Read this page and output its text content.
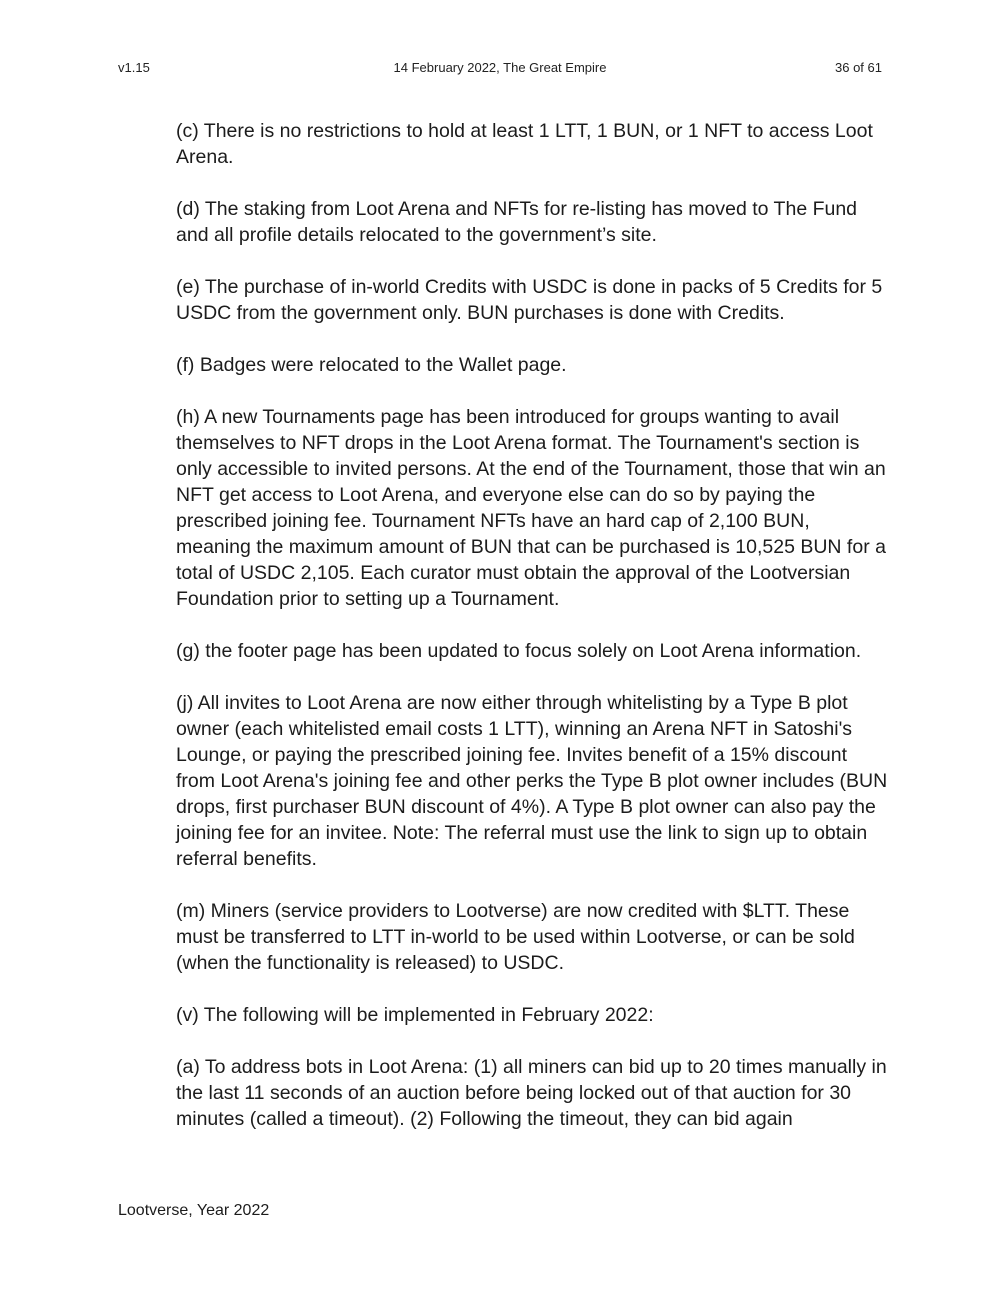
v1.15	14 February 2022, The Great Empire	36 of 61

(c) There is no restrictions to hold at least 1 LTT, 1 BUN, or 1 NFT to access Loot Arena.

(d) The staking from Loot Arena and NFTs for re-listing has moved to The Fund and all profile details relocated to the government’s site.

(e) The purchase of in-world Credits with USDC is done in packs of 5 Credits for 5 USDC from the government only. BUN purchases is done with Credits.

(f) Badges were relocated to the Wallet page.

(h) A new Tournaments page has been introduced for groups wanting to avail themselves to NFT drops in the Loot Arena format. The Tournament's section is only accessible to invited persons. At the end of the Tournament, those that win an NFT get access to Loot Arena, and everyone else can do so by paying the prescribed joining fee. Tournament NFTs have an hard cap of 2,100 BUN, meaning the maximum amount of BUN that can be purchased is 10,525 BUN for a total of USDC 2,105. Each curator must obtain the approval of the Lootversian Foundation prior to setting up a Tournament.

(g) the footer page has been updated to focus solely on Loot Arena information.

(j) All invites to Loot Arena are now either through whitelisting by a Type B plot owner (each whitelisted email costs 1 LTT), winning an Arena NFT in Satoshi's Lounge, or paying the prescribed joining fee. Invites benefit of a 15% discount from Loot Arena's joining fee and other perks the Type B plot owner includes (BUN drops, first purchaser BUN discount of 4%). A Type B plot owner can also pay the joining fee for an invitee. Note: The referral must use the link to sign up to obtain referral benefits.

(m) Miners (service providers to Lootverse) are now credited with $LTT. These must be transferred to LTT in-world to be used within Lootverse, or can be sold (when the functionality is released) to USDC.

(v) The following will be implemented in February 2022:

(a) To address bots in Loot Arena: (1) all miners can bid up to 20 times manually in the last 11 seconds of an auction before being locked out of that auction for 30 minutes (called a timeout). (2) Following the timeout, they can bid again

Lootverse, Year 2022
